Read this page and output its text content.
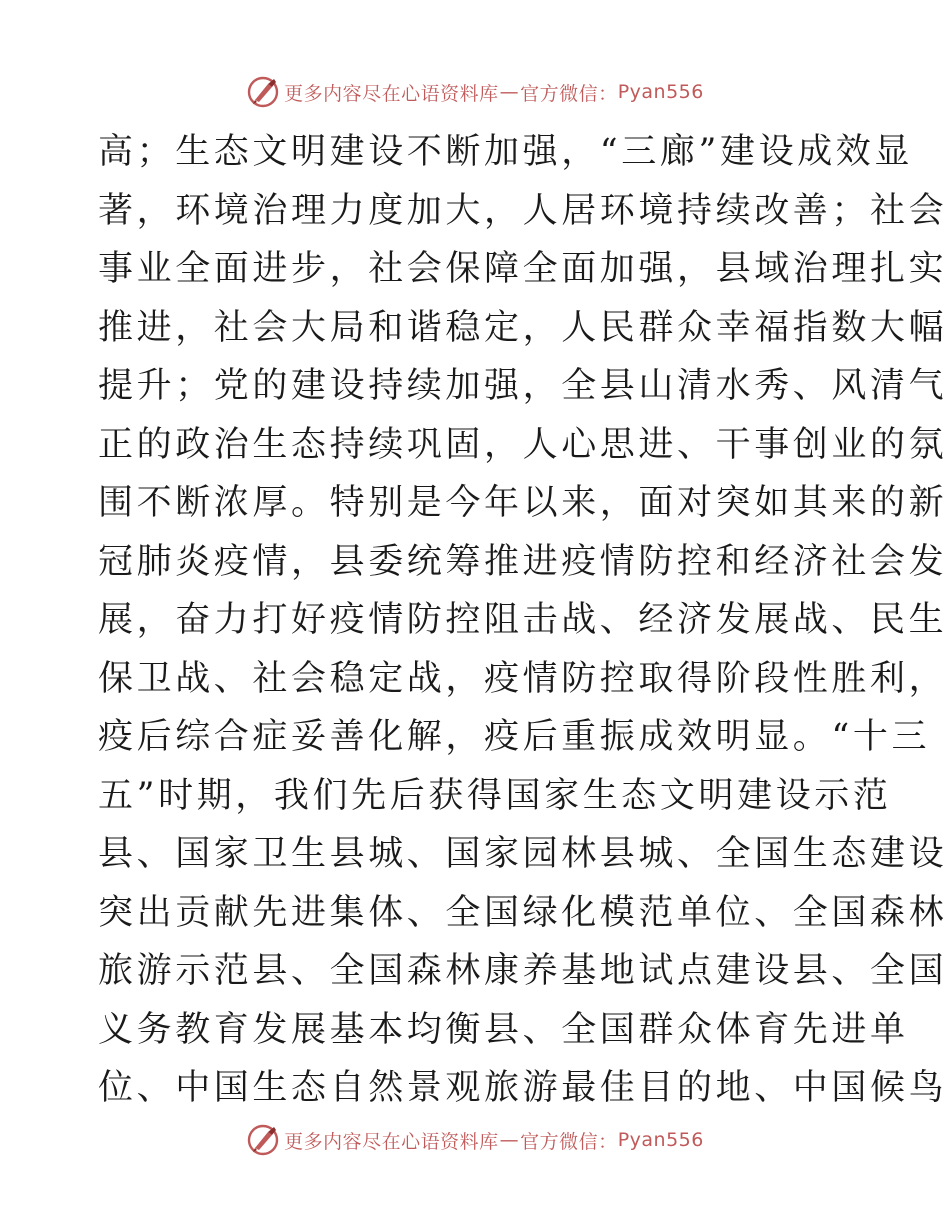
更多内容尽在心语资料库 — 官方微信： Pyan556
高；生态文明建设不断加强，“三廊”建设成效显
著，环境治理力度加大，人居环境持续改善；社会
事业全面进步，社会保障全面加强，县域治理扎实
推进，社会大局和谐稳定，人民群众幸福指数大幅
提升；党的建设持续加强，全县山清水秀、风清气
正的政治生态持续巩固，人心思进、干事创业的氛
围不断浓厚。特别是今年以来，面对突如其来的新
冠肺炎疫情，县委统筹推进疫情防控和经济社会发
展，奋力打好疫情防控阻击战、经济发展战、民生
保卫战、社会稳定战，疫情防控取得阶段性胜利，
疫后综合症妥善化解，疫后重振成效明显。“十三
五”时期，我们先后获得国家生态文明建设示范
县、国家卫生县城、国家园林县城、全国生态建设
突出贡献先进集体、全国绿化模范单位、全国森林
旅游示范县、全国森林康养基地试点建设县、全国
义务教育发展基本均衡县、全国群众体育先进单
位、中国生态自然景观旅游最佳目的地、中国候鸟
更多内容尽在心语资料库 — 官方微信： Pyan556
